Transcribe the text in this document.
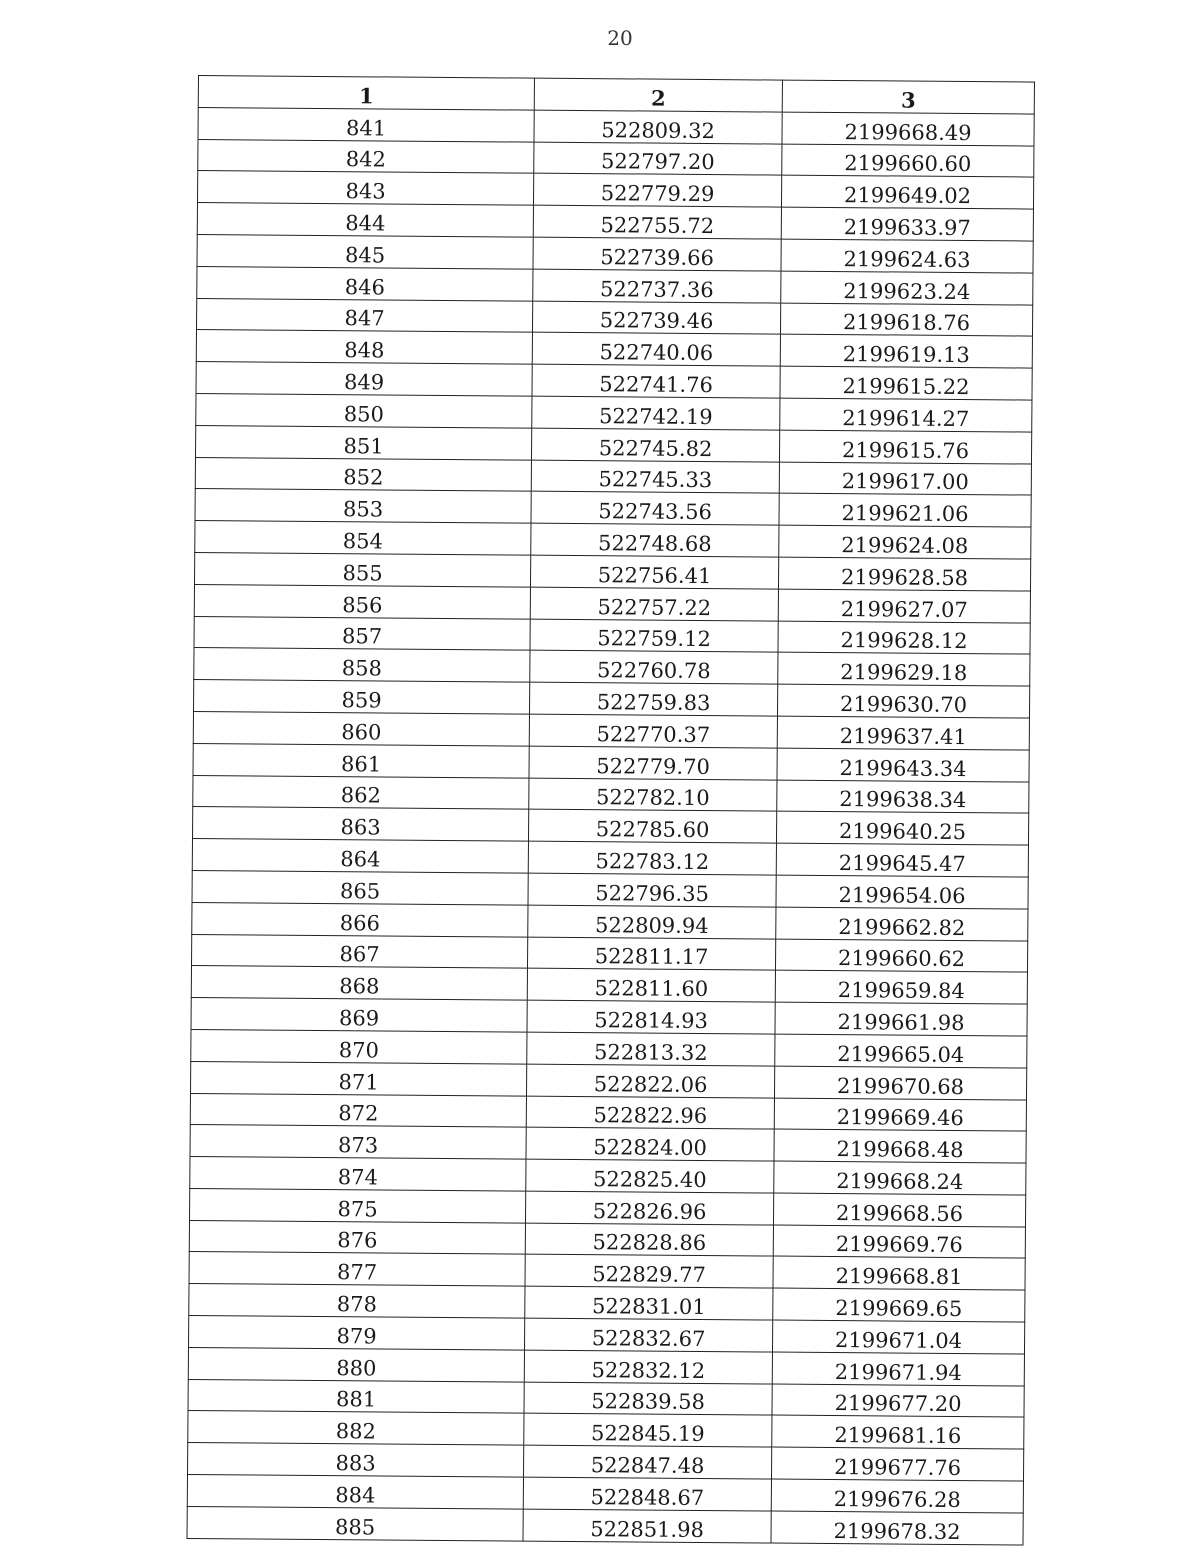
20
1	2	3
841	522809.32	2199668.49
842	522797.20	2199660.60
843	522779.29	2199649.02
844	522755.72	2199633.97
845	522739.66	2199624.63
846	522737.36	2199623.24
847	522739.46	2199618.76
848	522740.06	2199619.13
849	522741.76	2199615.22
850	522742.19	2199614.27
851	522745.82	2199615.76
852	522745.33	2199617.00
853	522743.56	2199621.06
854	522748.68	2199624.08
855	522756.41	2199628.58
856	522757.22	2199627.07
857	522759.12	2199628.12
858	522760.78	2199629.18
859	522759.83	2199630.70
860	522770.37	2199637.41
861	522779.70	2199643.34
862	522782.10	2199638.34
863	522785.60	2199640.25
864	522783.12	2199645.47
865	522796.35	2199654.06
866	522809.94	2199662.82
867	522811.17	2199660.62
868	522811.60	2199659.84
869	522814.93	2199661.98
870	522813.32	2199665.04
871	522822.06	2199670.68
872	522822.96	2199669.46
873	522824.00	2199668.48
874	522825.40	2199668.24
875	522826.96	2199668.56
876	522828.86	2199669.76
877	522829.77	2199668.81
878	522831.01	2199669.65
879	522832.67	2199671.04
880	522832.12	2199671.94
881	522839.58	2199677.20
882	522845.19	2199681.16
883	522847.48	2199677.76
884	522848.67	2199676.28
885	522851.98	2199678.32
